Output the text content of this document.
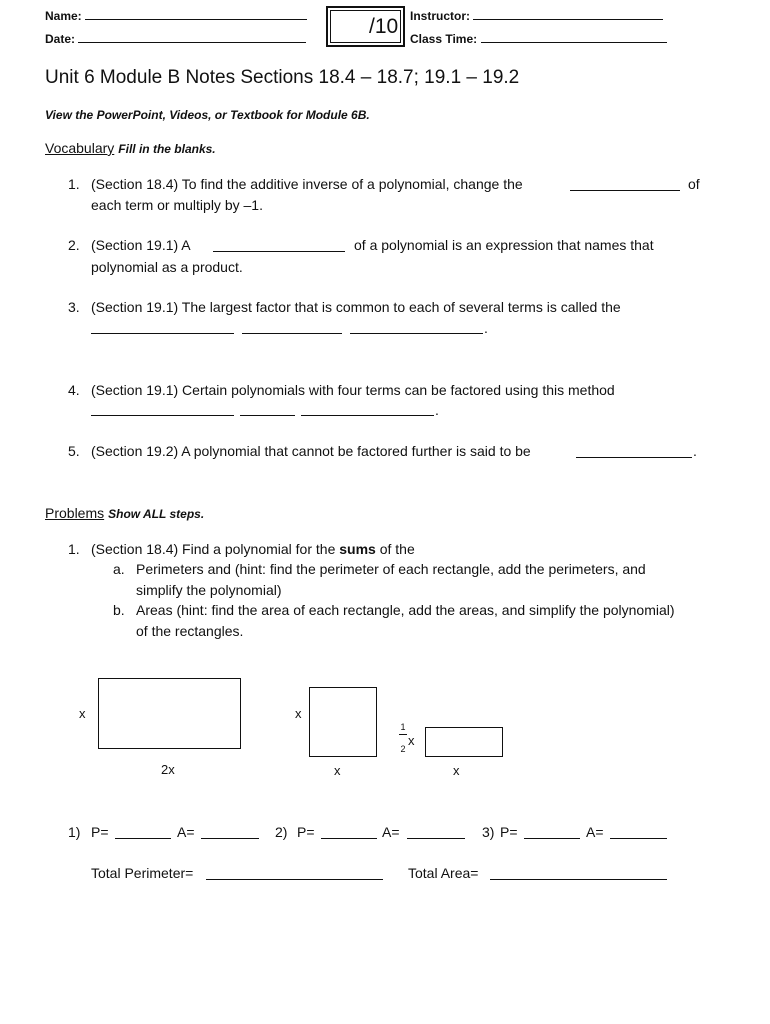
Name:
Date:
/10 Instructor:
Class Time:
Unit 6 Module B Notes Sections 18.4 – 18.7; 19.1 – 19.2
View the PowerPoint, Videos, or Textbook for Module 6B.
Vocabulary Fill in the blanks.
1. (Section 18.4) To find the additive inverse of a polynomial, change the	of
each term or multiply by –1.
2. (Section 19.1) A	of a polynomial is an expression that names that
polynomial as a product.
3. (Section 19.1) The largest factor that is common to each of several terms is called the
.
4. (Section 19.1) Certain polynomials with four terms can be factored using this method
.
5. (Section 19.2) A polynomial that cannot be factored further is said to be	.
Problems Show ALL steps.
1. (Section 18.4) Find a polynomial for the sums of the
a. Perimeters and (hint: find the perimeter of each rectangle, add the perimeters, and
simplify the polynomial)
b. Areas (hint: find the area of each rectangle, add the areas, and simplify the polynomial)
of the rectangles.
x
2x
x
x
1
2
x
x
1) P=	A=	2) P=	A=	3) P=	A=
Total Perimeter=	Total Area=
